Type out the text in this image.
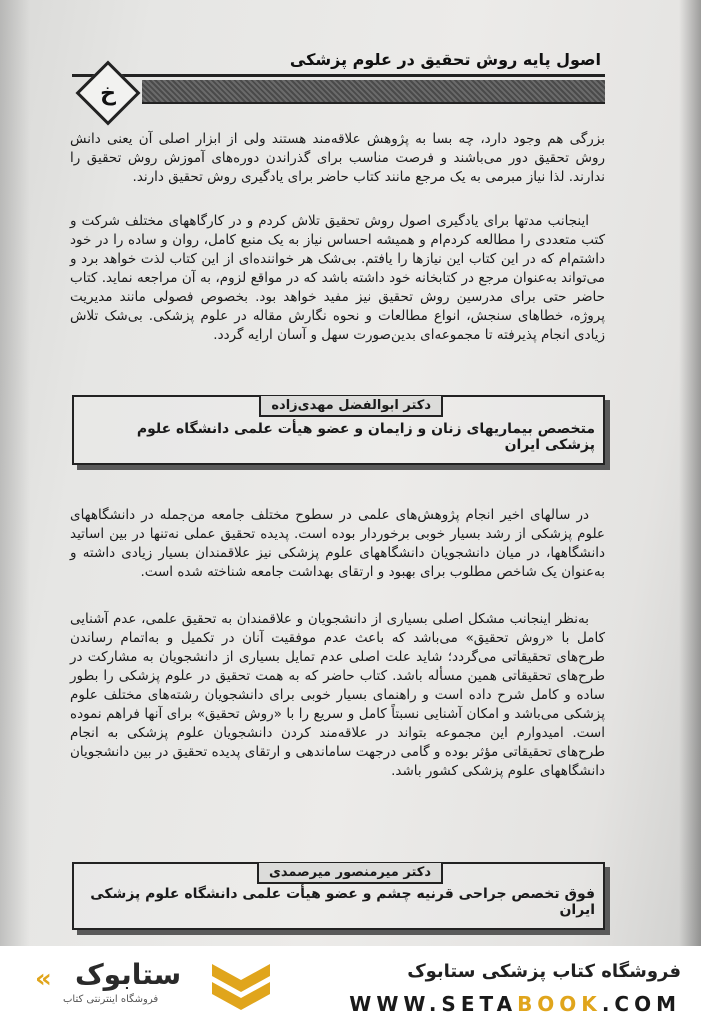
اصول پایه روش تحقیق در علوم پزشکی
خ

بزرگی هم وجود دارد، چه بسا به پژوهش علاقه‌مند هستند ولی از ابزار اصلی آن یعنی دانش روش تحقیق دور می‌باشند و فرصت مناسب برای گذراندن دوره‌های آموزش روش تحقیق را ندارند. لذا نیاز مبرمی به یک مرجع مانند کتاب حاضر برای یادگیری روش تحقیق دارند.

اینجانب مدتها برای یادگیری اصول روش تحقیق تلاش کردم و در کارگاههای مختلف شرکت و کتب متعددی را مطالعه کردم‌ام و همیشه احساس نیاز به یک منبع کامل، روان و ساده را در خود داشتم‌ام که در این کتاب این نیازها را یافتم. بی‌شک هر خواننده‌ای از این کتاب لذت خواهد برد و می‌تواند به‌عنوان مرجع در کتابخانه خود داشته باشد که در مواقع لزوم، به آن مراجعه نماید. کتاب حاضر حتی برای مدرسین روش تحقیق نیز مفید خواهد بود. بخصوص فصولی مانند مدیریت پروژه، خطاهای سنجش، انواع مطالعات و نحوه نگارش مقاله در علوم پزشکی. بی‌شک تلاش زیادی انجام پذیرفته تا مجموعه‌ای بدین‌صورت سهل و آسان ارایه گردد.

دکتر ابوالفضل مهدی‌زاده
متخصص بیماریهای زنان و زایمان و عضو هیأت علمی دانشگاه علوم پزشکی ایران

در سالهای اخیر انجام پژوهش‌های علمی در سطوح مختلف جامعه من‌جمله در دانشگاههای علوم پزشکی از رشد بسیار خوبی برخوردار بوده است. پدیده تحقیق عملی نه‌تنها در بین اساتید دانشگاهها، در میان دانشجویان دانشگاههای علوم پزشکی نیز علاقمندان بسیار زیادی داشته و به‌عنوان یک شاخص مطلوب برای بهبود و ارتقای بهداشت جامعه شناخته شده است.

به‌نظر اینجانب مشکل اصلی بسیاری از دانشجویان و علاقمندان به تحقیق علمی، عدم آشنایی کامل با «روش تحقیق» می‌باشد که باعث عدم موفقیت آنان در تکمیل و به‌اتمام رساندن طرح‌های تحقیقاتی می‌گردد؛ شاید علت اصلی عدم تمایل بسیاری از دانشجویان به مشارکت در طرح‌های تحقیقاتی همین مسأله باشد. کتاب حاضر که به همت تحقیق در علوم پزشکی را بطور ساده و کامل شرح داده است و راهنمای بسیار خوبی برای دانشجویان رشته‌های مختلف علوم پزشکی می‌باشد و امکان آشنایی نسبتاً کامل و سریع را با «روش تحقیق» برای آنها فراهم نموده است. امیدوارم این مجموعه بتواند در علاقه‌مند کردن دانشجویان علوم پزشکی به انجام طرح‌های تحقیقاتی مؤثر بوده و گامی درجهت ساماندهی و ارتقای پدیده تحقیق در بین دانشجویان دانشگاههای علوم پزشکی کشور باشد.

دکتر میرمنصور میرصمدی
فوق تخصص جراحی قرنیه چشم و عضو هیأت علمی دانشگاه علوم پزشکی ایران
« ستابوک
فروشگاه اینترنتی کتاب
فروشگاه کتاب پزشکی ستابوک
WWW.SETABOOK.COM
